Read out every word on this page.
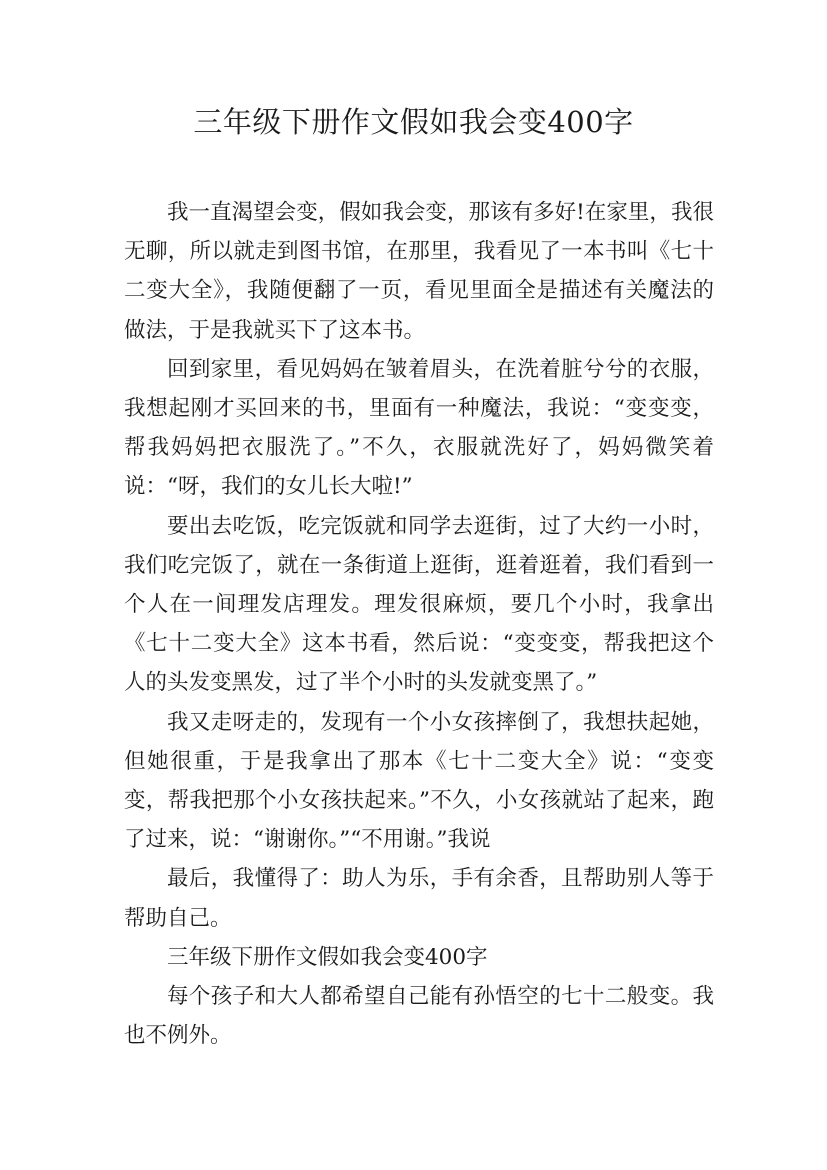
三年级下册作文假如我会变400字

我一直渴望会变，假如我会变，那该有多好!在家里，我很无聊，所以就走到图书馆，在那里，我看见了一本书叫《七十二变大全》，我随便翻了一页，看见里面全是描述有关魔法的做法，于是我就买下了这本书。

回到家里，看见妈妈在皱着眉头，在洗着脏兮兮的衣服，我想起刚才买回来的书，里面有一种魔法，我说：“变变变，帮我妈妈把衣服洗了。”不久，衣服就洗好了，妈妈微笑着说：“呀，我们的女儿长大啦!”

要出去吃饭，吃完饭就和同学去逛街，过了大约一小时，我们吃完饭了，就在一条街道上逛街，逛着逛着，我们看到一个人在一间理发店理发。理发很麻烦，要几个小时，我拿出《七十二变大全》这本书看，然后说：“变变变，帮我把这个人的头发变黑发，过了半个小时的头发就变黑了。”

我又走呀走的，发现有一个小女孩摔倒了，我想扶起她，但她很重，于是我拿出了那本《七十二变大全》说：“变变变，帮我把那个小女孩扶起来。”不久，小女孩就站了起来，跑了过来，说：“谢谢你。”“不用谢。”我说

最后，我懂得了：助人为乐，手有余香，且帮助别人等于帮助自己。

三年级下册作文假如我会变400字

每个孩子和大人都希望自己能有孙悟空的七十二般变。我也不例外。
